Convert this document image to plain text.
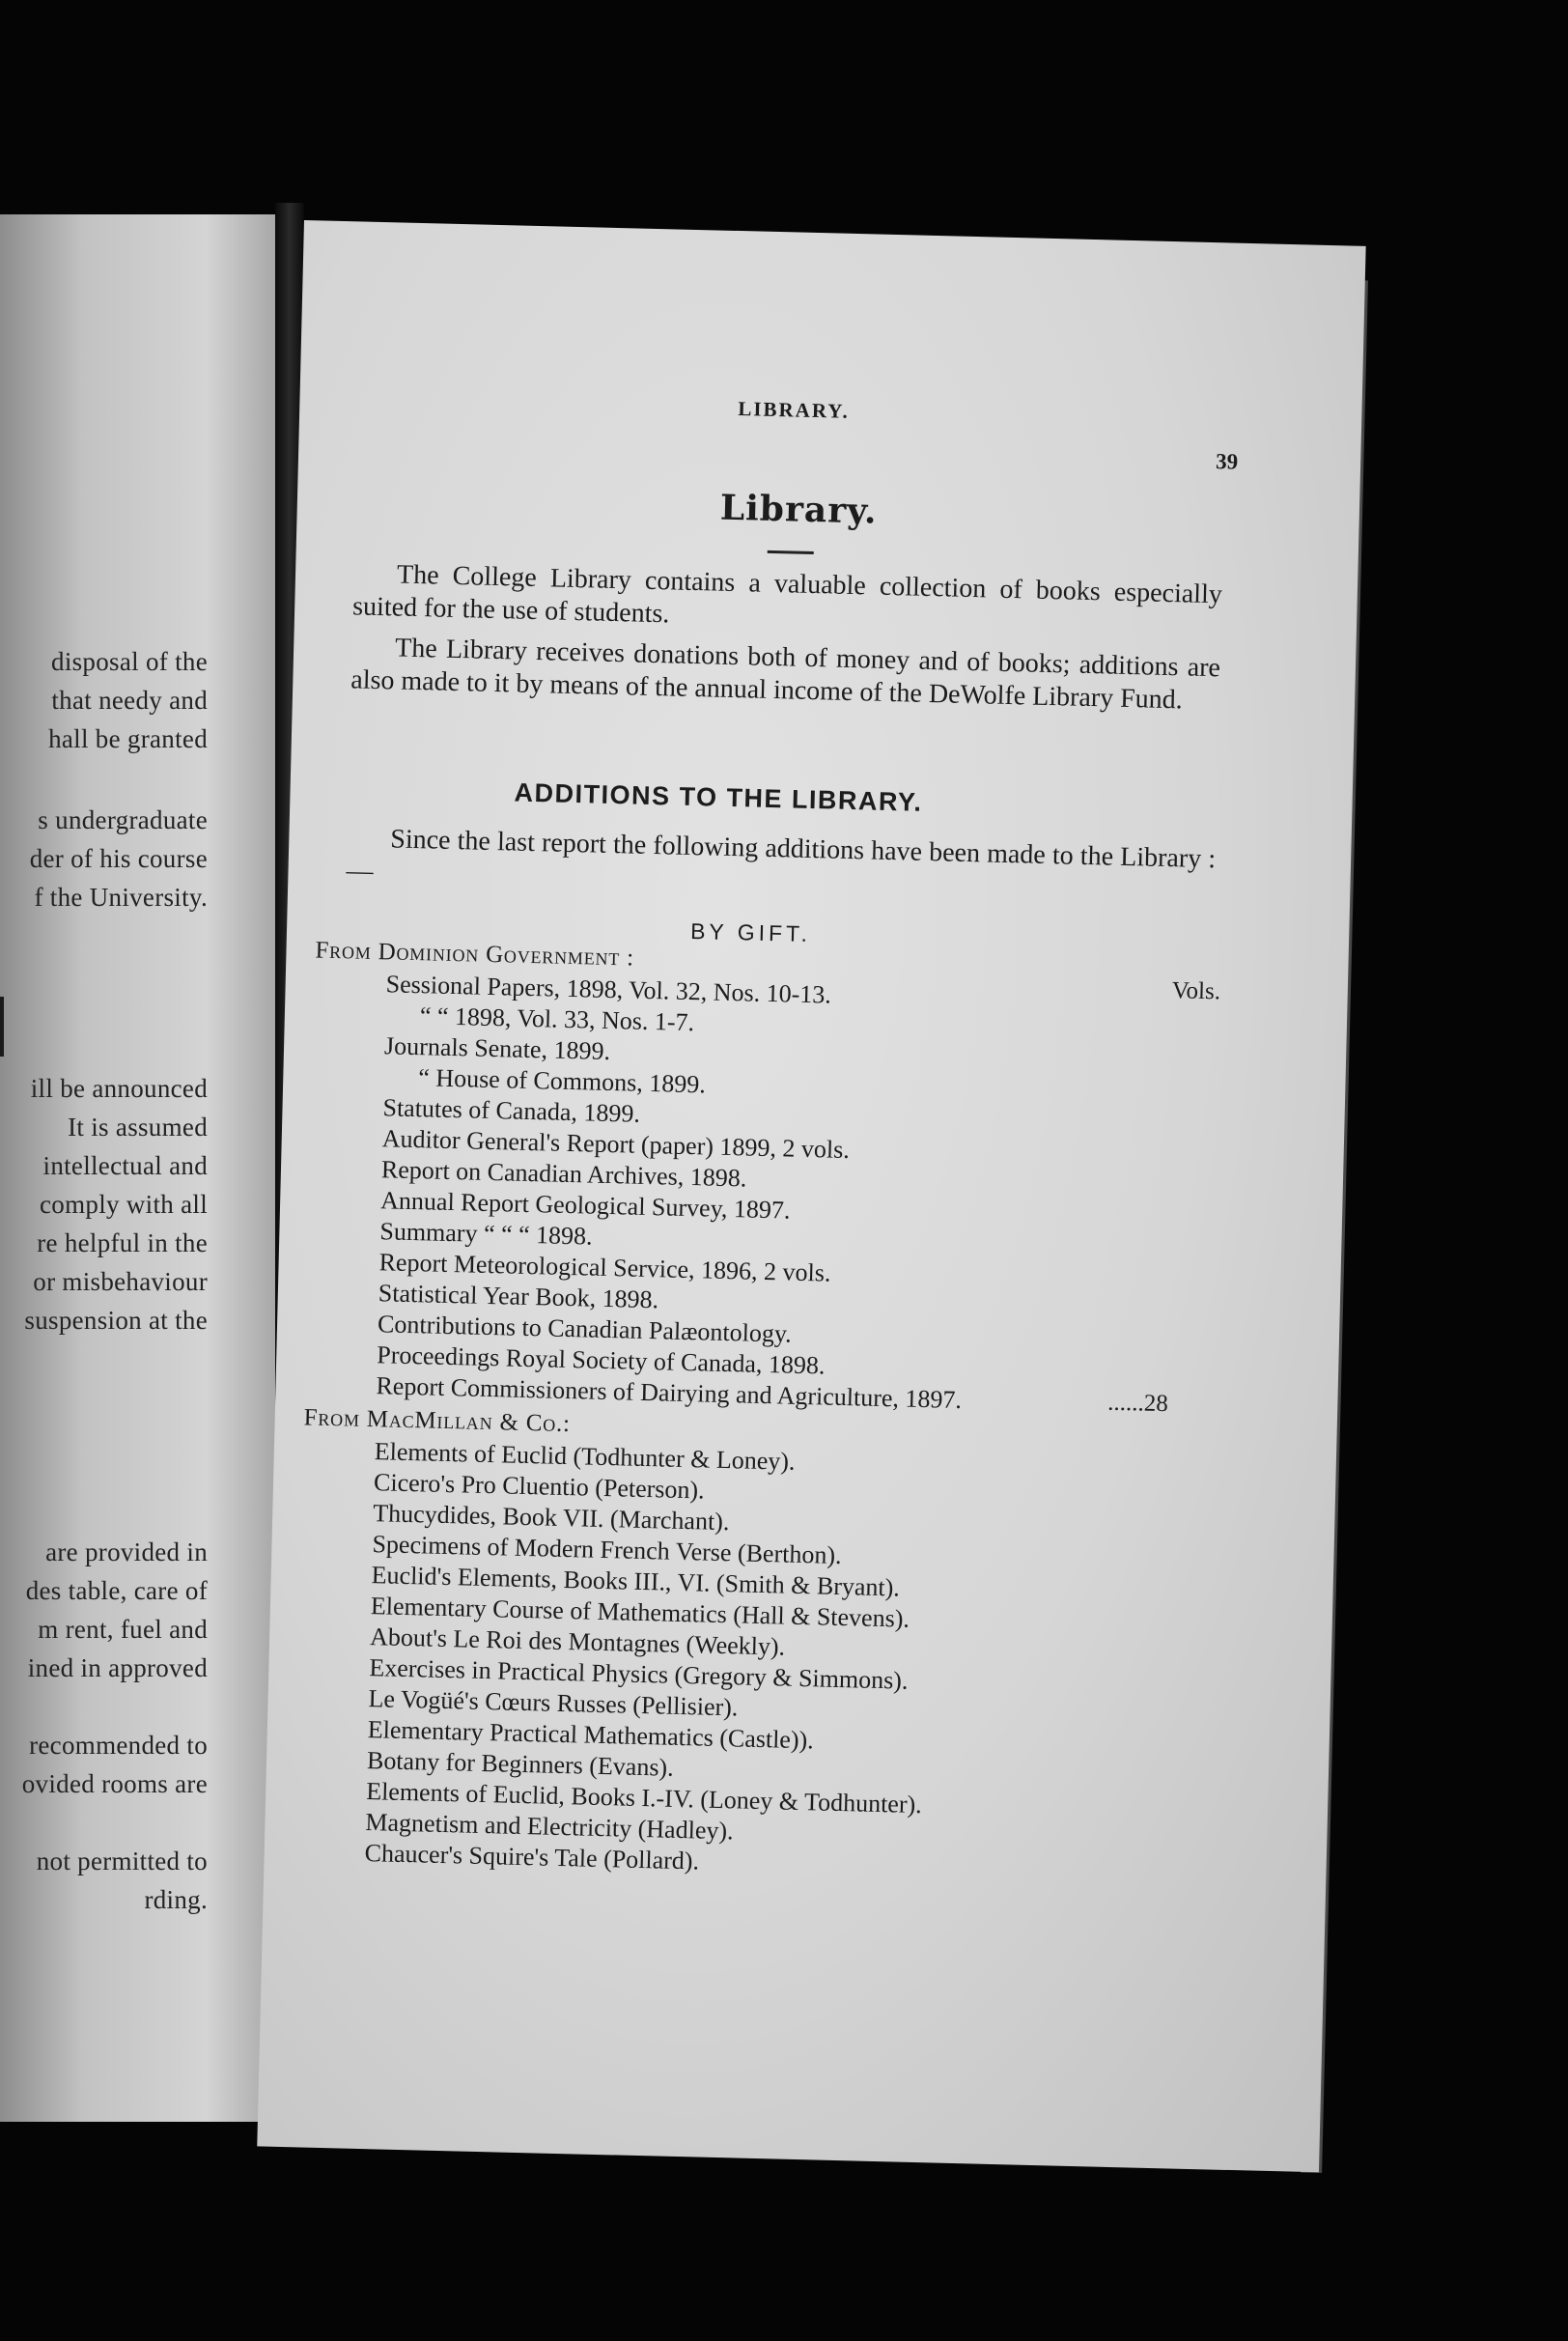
disposal of the
that needy and
hall be granted
s undergraduate
der of his course
f the University.
ill be announced
It is assumed
intellectual and
comply with all
re helpful in the
or misbehaviour
suspension at the
are provided in
des table, care of
m rent, fuel and
ined in approved
recommended to
ovided rooms are
not permitted to
rding.
LIBRARY.
39
Library.

The College Library contains a valuable collection of books especially suited for the use of students.

The Library receives donations both of money and of books; additions are also made to it by means of the annual income of the DeWolfe Library Fund.

ADDITIONS TO THE LIBRARY.

Since the last report the following additions have been made to the Library :—

BY GIFT.
From Dominion Government :
Vols.
Sessional Papers, 1898, Vol. 32, Nos. 10-13.
“ “ 1898, Vol. 33, Nos. 1-7.
Journals Senate, 1899.
“ House of Commons, 1899.
Statutes of Canada, 1899.
Auditor General's Report (paper) 1899, 2 vols.
Report on Canadian Archives, 1898.
Annual Report Geological Survey, 1897.
Summary “ “ “ 1898.
Report Meteorological Service, 1896, 2 vols.
Statistical Year Book, 1898.
Contributions to Canadian Palæontology.
Proceedings Royal Society of Canada, 1898.
Report Commissioners of Dairying and Agriculture, 1897.	......28
From MacMillan & Co.:
Elements of Euclid (Todhunter & Loney).
Cicero's Pro Cluentio (Peterson).
Thucydides, Book VII. (Marchant).
Specimens of Modern French Verse (Berthon).
Euclid's Elements, Books III., VI. (Smith & Bryant).
Elementary Course of Mathematics (Hall & Stevens).
About's Le Roi des Montagnes (Weekly).
Exercises in Practical Physics (Gregory & Simmons).
Le Vogüé's Cœurs Russes (Pellisier).
Elementary Practical Mathematics (Castle)).
Botany for Beginners (Evans).
Elements of Euclid, Books I.-IV. (Loney & Todhunter).
Magnetism and Electricity (Hadley).
Chaucer's Squire's Tale (Pollard).
